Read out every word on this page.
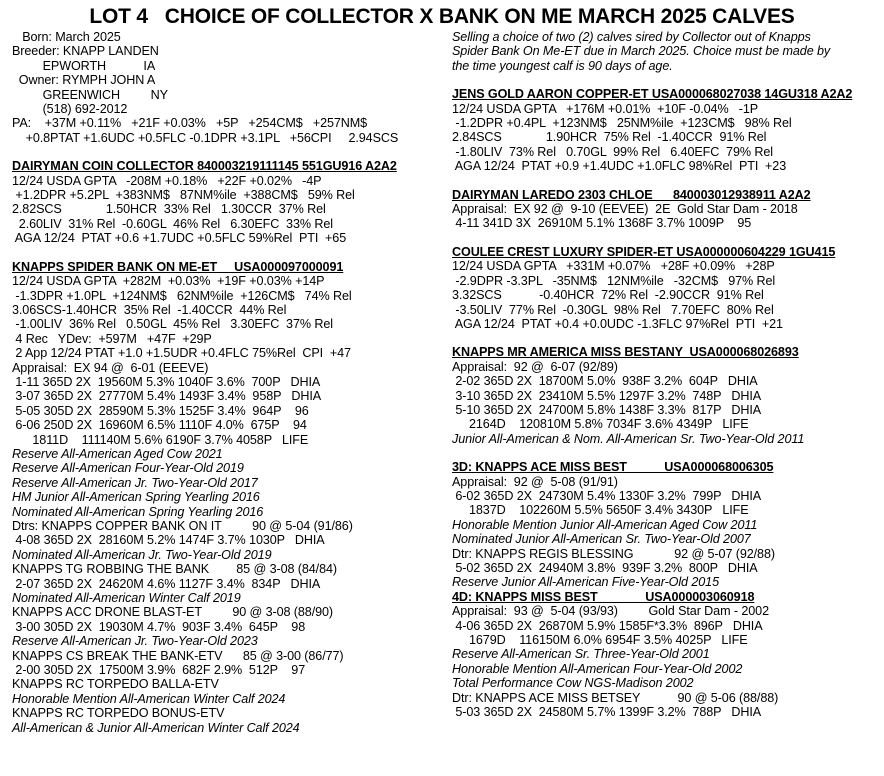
LOT 4   CHOICE OF COLLECTOR X BANK ON ME MARCH 2025 CALVES
Born: March 2025
Breeder: KNAPP LANDEN
EPWORTH           IA
Owner: RYMPH JOHN A
GREENWICH         NY
(518) 692-2012
PA:    +37M +0.11%   +21F +0.03%   +5P   +254CM$   +257NM$
+0.8PTAT +1.6UDC +0.5FLC -0.1DPR +3.1PL   +56CPI     2.94SCS
DAIRYMAN COIN COLLECTOR 840003219111145 551GU916 A2A2
12/24 USDA GPTA   -208M +0.18%   +22F +0.02%   -4P
+1.2DPR +5.2PL  +383NM$   87NM%ile  +388CM$   59% Rel
2.82SCS             1.50HCR  33% Rel   1.30CCR  37% Rel
2.60LIV  31% Rel  -0.60GL  46% Rel   6.30EFC  33% Rel
AGA 12/24  PTAT +0.6 +1.7UDC +0.5FLC 59%Rel  PTI  +65
KNAPPS SPIDER BANK ON ME-ET     USA000097000091
12/24 USDA GPTA  +282M  +0.03%  +19F +0.03% +14P
-1.3DPR +1.0PL  +124NM$   62NM%ile  +126CM$   74% Rel
3.06SCS-1.40HCR  35% Rel  -1.40CCR  44% Rel
-1.00LIV  36% Rel   0.50GL  45% Rel   3.30EFC  37% Rel
4 Rec   YDev:  +597M   +47F  +29P
2 App 12/24 PTAT +1.0 +1.5UDR +0.4FLC 75%Rel  CPI  +47
Appraisal:  EX 94 @  6-01 (EEEVE)
1-11 365D 2X  19560M 5.3% 1040F 3.6%  700P   DHIA
3-07 365D 2X  27770M 5.4% 1493F 3.4%  958P   DHIA
5-05 305D 2X  28590M 5.3% 1525F 3.4%  964P    96
6-06 250D 2X  16960M 6.5% 1110F 4.0%  675P    94
1811D    111140M 5.6% 6190F 3.7% 4058P   LIFE
Reserve All-American Aged Cow 2021
Reserve All-American Four-Year-Old 2019
Reserve All-American Jr. Two-Year-Old 2017
HM Junior All-American Spring Yearling 2016
Nominated All-American Spring Yearling 2016
Dtrs: KNAPPS COPPER BANK ON IT         90 @ 5-04 (91/86)
4-08 365D 2X  28160M 5.2% 1474F 3.7% 1030P   DHIA
Nominated All-American Jr. Two-Year-Old 2019
KNAPPS TG ROBBING THE BANK        85 @ 3-08 (84/84)
2-07 365D 2X  24620M 4.6% 1127F 3.4%  834P   DHIA
Nominated All-American Winter Calf 2019
KNAPPS ACC DRONE BLAST-ET         90 @ 3-08 (88/90)
3-00 305D 2X  19030M 4.7%  903F 3.4%  645P    98
Reserve All-American Jr. Two-Year-Old 2023
KNAPPS CS BREAK THE BANK-ETV      85 @ 3-00 (86/77)
2-00 305D 2X  17500M 3.9%  682F 2.9%  512P    97
KNAPPS RC TORPEDO BALLA-ETV
Honorable Mention All-American Winter Calf 2024
KNAPPS RC TORPEDO BONUS-ETV
All-American & Junior All-American Winter Calf 2024
Selling a choice of two (2) calves sired by Collector out of Knapps
Spider Bank On Me-ET due in March 2025. Choice must be made by
the time youngest calf is 90 days of age.
JENS GOLD AARON COPPER-ET USA000068027038 14GU318 A2A2
12/24 USDA GPTA   +176M +0.01%  +10F -0.04%   -1P
-1.2DPR +0.4PL  +123NM$   25NM%ile  +123CM$   98% Rel
2.84SCS             1.90HCR  75% Rel  -1.40CCR  91% Rel
-1.80LIV  73% Rel   0.70GL  99% Rel   6.40EFC  79% Rel
AGA 12/24  PTAT +0.9 +1.4UDC +1.0FLC 98%Rel  PTI  +23
DAIRYMAN LAREDO 2303 CHLOE      840003012938911 A2A2
Appraisal:  EX 92 @  9-10 (EEVEE)  2E  Gold Star Dam - 2018
4-11 341D 3X  26910M 5.1% 1368F 3.7% 1009P    95
COULEE CREST LUXURY SPIDER-ET USA000000604229 1GU415
12/24 USDA GPTA   +331M +0.07%   +28F +0.09%   +28P
-2.9DPR -3.3PL   -35NM$   12NM%ile   -32CM$   97% Rel
3.32SCS           -0.40HCR  72% Rel  -2.90CCR  91% Rel
-3.50LIV  77% Rel  -0.30GL  98% Rel   7.70EFC  80% Rel
AGA 12/24  PTAT +0.4 +0.0UDC -1.3FLC 97%Rel  PTI  +21
KNAPPS MR AMERICA MISS BESTANY  USA000068026893
Appraisal:  92 @  6-07 (92/89)
2-02 365D 2X  18700M 5.0%  938F 3.2%  604P   DHIA
3-10 365D 2X  23410M 5.5% 1297F 3.2%  748P   DHIA
5-10 365D 2X  24700M 5.8% 1438F 3.3%  817P   DHIA
2164D    120810M 5.8% 7034F 3.6% 4349P   LIFE
Junior All-American & Nom. All-American Sr. Two-Year-Old 2011
3D: KNAPPS ACE MISS BEST           USA000068006305
Appraisal:  92 @  5-08 (91/91)
6-02 365D 2X  24730M 5.4% 1330F 3.2%  799P   DHIA
1837D    102260M 5.5% 5650F 3.4% 3430P   LIFE
Honorable Mention Junior All-American Aged Cow 2011
Nominated Junior All-American Sr. Two-Year-Old 2007
Dtr: KNAPPS REGIS BLESSING            92 @ 5-07 (92/88)
5-02 365D 2X  24940M 3.8%  939F 3.2%  800P   DHIA
Reserve Junior All-American Five-Year-Old 2015
4D: KNAPPS MISS BEST              USA000003060918
Appraisal:  93 @  5-04 (93/93)         Gold Star Dam - 2002
4-06 365D 2X  26870M 5.9% 1585F*3.3%  896P   DHIA
1679D    116150M 6.0% 6954F 3.5% 4025P   LIFE
Reserve All-American Sr. Three-Year-Old 2001
Honorable Mention All-American Four-Year-Old 2002
Total Performance Cow NGS-Madison 2002
Dtr: KNAPPS ACE MISS BETSEY           90 @ 5-06 (88/88)
5-03 365D 2X  24580M 5.7% 1399F 3.2%  788P   DHIA
